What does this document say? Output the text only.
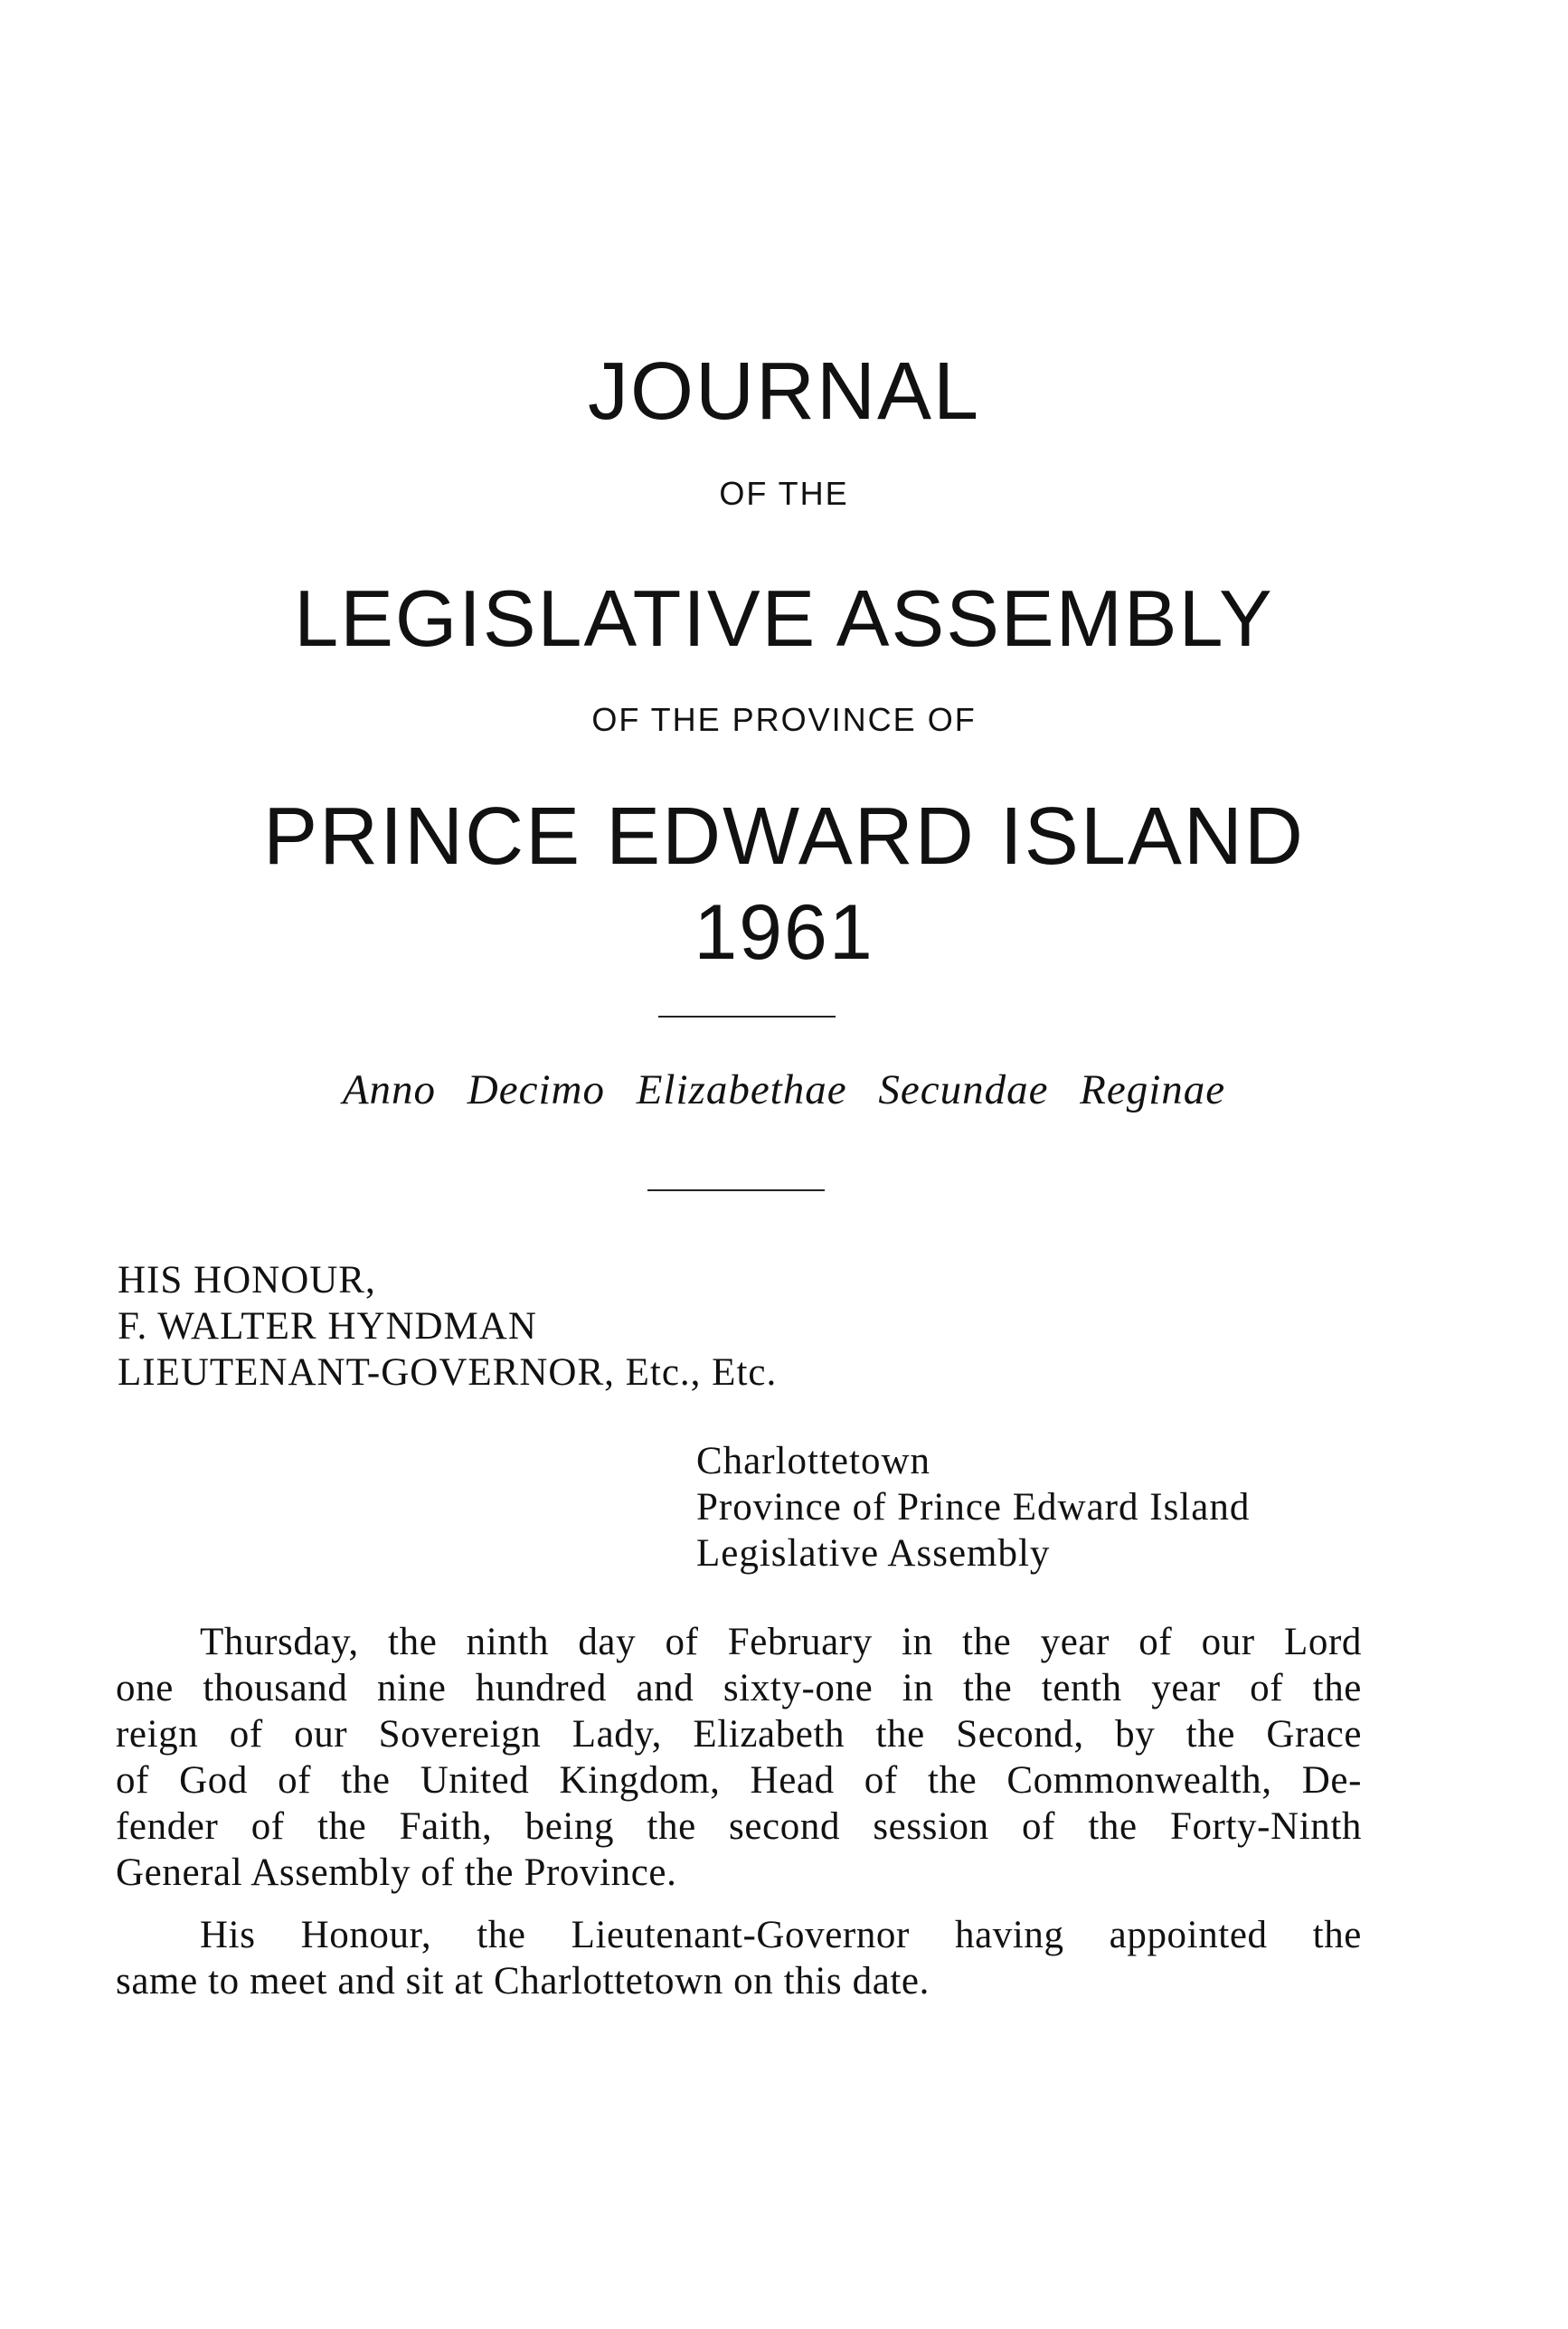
JOURNAL
OF THE
LEGISLATIVE ASSEMBLY
OF THE PROVINCE OF
PRINCE EDWARD ISLAND
1961
Anno Decimo Elizabethae Secundae Reginae
HIS HONOUR,
F. WALTER HYNDMAN
LIEUTENANT-GOVERNOR, Etc., Etc.
Charlottetown
Province of Prince Edward Island
Legislative Assembly
Thursday, the ninth day of February in the year of our Lord
one thousand nine hundred and sixty-one in the tenth year of the
reign of our Sovereign Lady, Elizabeth the Second, by the Grace
of God of the United Kingdom, Head of the Commonwealth, De-
fender of the Faith, being the second session of the Forty-Ninth
General Assembly of the Province.
His Honour, the Lieutenant-Governor having appointed the
same to meet and sit at Charlottetown on this date.
